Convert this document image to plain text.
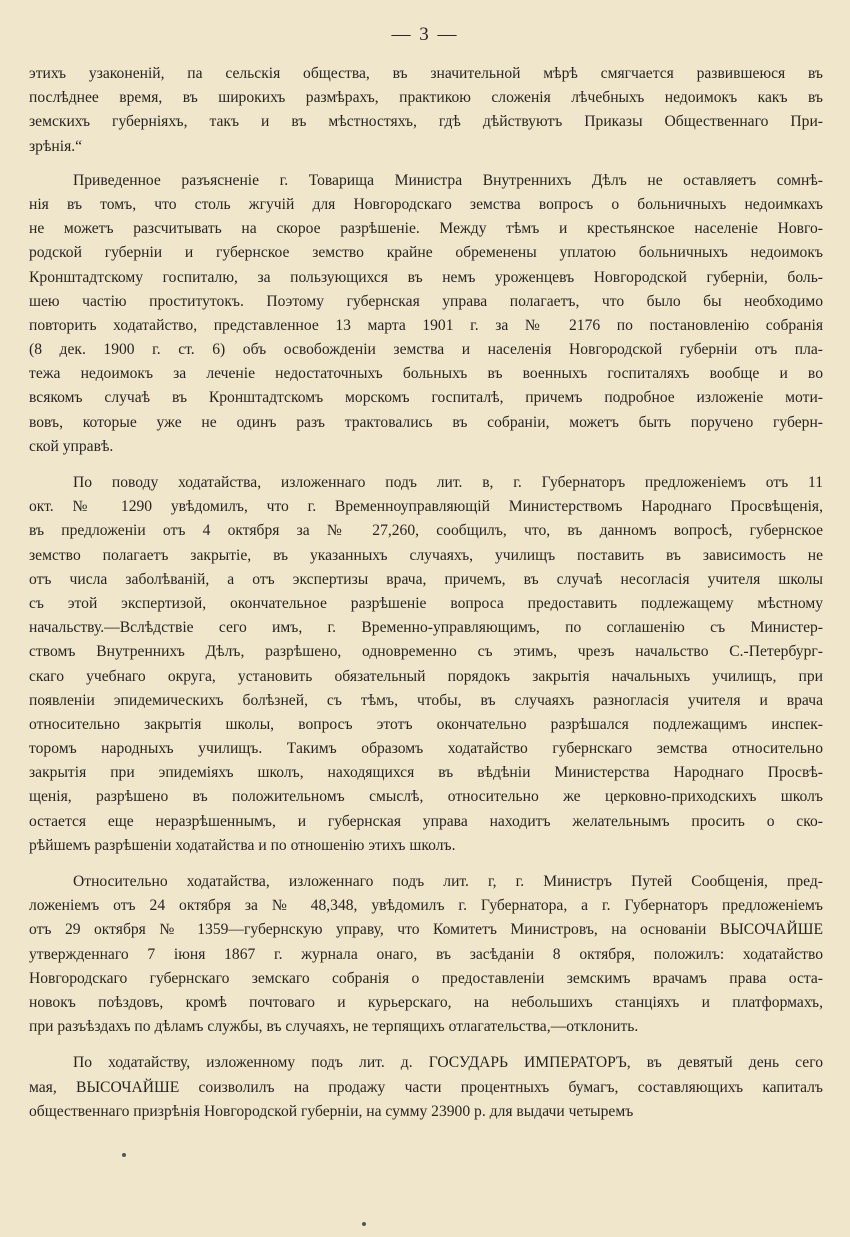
— 3 —
этихъ узаконеній, па сельскія общества, въ значительной мѣрѣ смягчается развившеюся въ
послѣднее время, въ широкихъ размѣрахъ, практикою сложенія лѣчебныхъ недоимокъ какъ въ
земскихъ губерніяхъ, такъ и въ мѣстностяхъ, гдѣ дѣйствуютъ Приказы Общественнаго При-
зрѣнія.“
Приведенное разъясненіе г. Товарища Министра Внутреннихъ Дѣлъ не оставляетъ сомнѣ-
нія въ томъ, что столь жгучій для Новгородскаго земства вопросъ о больничныхъ недоимкахъ
не можетъ разсчитывать на скорое разрѣшеніе. Между тѣмъ и крестьянское населеніе Новго-
родской губерніи и губернское земство крайне обременены уплатою больничныхъ недоимокъ
Кронштадтскому госпиталю, за пользующихся въ немъ уроженцевъ Новгородской губерніи, боль-
шею частію проститутокъ. Поэтому губернская управа полагаетъ, что было бы необходимо
повторить ходатайство, представленное 13 марта 1901 г. за № 2176 по постановленію собранія
(8 дек. 1900 г. ст. 6) объ освобожденіи земства и населенія Новгородской губерніи отъ пла-
тежа недоимокъ за леченіе недостаточныхъ больныхъ въ военныхъ госпиталяхъ вообще и во
всякомъ случаѣ въ Кронштадтскомъ морскомъ госпиталѣ, причемъ подробное изложеніе моти-
вовъ, которые уже не одинъ разъ трактовались въ собраніи, можетъ быть поручено губерн-
ской управѣ.
По поводу ходатайства, изложеннаго подъ лит. в, г. Губернаторъ предложеніемъ отъ 11
окт. № 1290 увѣдомилъ, что г. Временноуправляющій Министерствомъ Народнаго Просвѣщенія,
въ предложеніи отъ 4 октября за № 27,260, сообщилъ, что, въ данномъ вопросѣ, губернское
земство полагаетъ закрытіе, въ указанныхъ случаяхъ, училищъ поставить въ зависимость не
отъ числа заболѣваній, а отъ экспертизы врача, причемъ, въ случаѣ несогласія учителя школы
съ этой экспертизой, окончательное разрѣшеніе вопроса предоставить подлежащему мѣстному
начальству.—Вслѣдствіе сего имъ, г. Временно-управляющимъ, по соглашенію съ Министер-
ствомъ Внутреннихъ Дѣлъ, разрѣшено, одновременно съ этимъ, чрезъ начальство С.-Петербург-
скаго учебнаго округа, установить обязательный порядокъ закрытія начальныхъ училищъ, при
появленіи эпидемическихъ болѣзней, съ тѣмъ, чтобы, въ случаяхъ разногласія учителя и врача
относительно закрытія школы, вопросъ этотъ окончательно разрѣшался подлежащимъ инспек-
торомъ народныхъ училищъ. Такимъ образомъ ходатайство губернскаго земства относительно
закрытія при эпидеміяхъ школъ, находящихся въ вѣдѣніи Министерства Народнаго Просвѣ-
щенія, разрѣшено въ положительномъ смыслѣ, относительно же церковно-приходскихъ школъ
остается еще неразрѣшеннымъ, и губернская управа находитъ желательнымъ просить о ско-
рѣйшемъ разрѣшеніи ходатайства и по отношенію этихъ школъ.
Относительно ходатайства, изложеннаго подъ лит. г, г. Министръ Путей Сообщенія, пред-
ложеніемъ отъ 24 октября за № 48,348, увѣдомилъ г. Губернатора, а г. Губернаторъ предложеніемъ
отъ 29 октября № 1359—губернскую управу, что Комитетъ Министровъ, на основаніи ВЫСОЧАЙШЕ
утвержденнаго 7 іюня 1867 г. журнала онаго, въ засѣданіи 8 октября, положилъ: ходатайство
Новгородскаго губернскаго земскаго собранія о предоставленіи земскимъ врачамъ права оста-
новокъ поѣздовъ, кромѣ почтоваго и курьерскаго, на небольшихъ станціяхъ и платформахъ,
при разъѣздахъ по дѣламъ службы, въ случаяхъ, не терпящихъ отлагательства,—отклонить.
По ходатайству, изложенному подъ лит. д. ГОСУДАРЬ ИМПЕРАТОРЪ, въ девятый день сего
мая, ВЫСОЧАЙШЕ соизволилъ на продажу части процентныхъ бумагъ, составляющихъ капиталъ
общественнаго призрѣнія Новгородской губерніи, на сумму 23900 р. для выдачи четыремъ
